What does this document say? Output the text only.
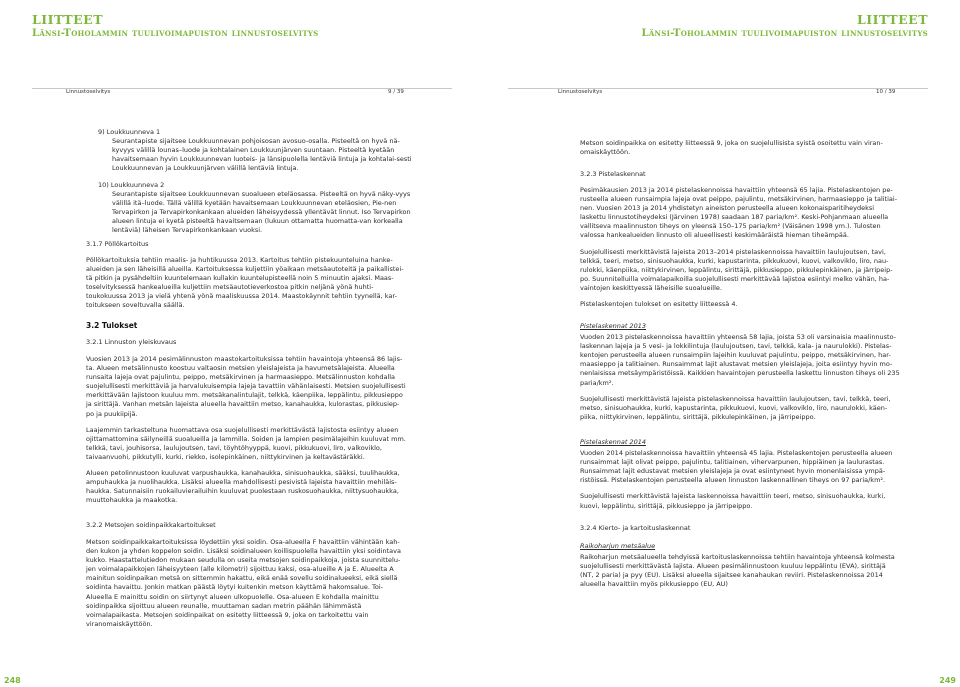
LIITTEET
Länsi-Toholammin tuulivoimapuiston linnustoselvitys
Linnustoselvitys	9 / 39
9) Loukkuunneva 1
Seurantapiste sijaitsee Loukkuunnevan pohjoisosan avosuo-osalla. Pisteeltä on hyvä nä-kyvyys välillä lounas–luode ja kohtalainen Loukkuunjärven suuntaan. Pisteeltä kyetään havaitsemaan hyvin Loukkuunnevan luoteis- ja länsipuolella lentäviä lintuja ja kohtalai-sesti Loukkuunnevan ja Loukkuunjärven välillä lentäviä lintuja.
10) Loukkuunneva 2
Seurantapiste sijaitsee Loukkuunnevan suoalueen eteläosassa. Pisteeltä on hyvä näky-vyys välillä itä–luode. Tällä välillä kyetään havaitsemaan Loukkuunnevan eteläosien, Pie-nen Tervapirkon ja Tervapirkonkankaan alueiden läheisyydessä yllentävät linnut. Iso Tervapirkon alueen lintuja ei kyetä pisteeltä havaitsemaan (lukuun ottamatta huomatta-van korkealla lentäviä) läheisen Tervapirkonkankaan vuoksi.
3.1.7 Pöllökartoitus

Pöllökartoituksia tehtiin maalis- ja huhtikuussa 2013. Kartoitus tehtiin pistekuunteluina hanke-alueiden ja sen läheisillä alueilla. Kartoituksessa kuljettiin yöaikaan metsäautoteitä ja paikallistei-tä pitkin ja pysähdeltiin kuuntelemaan kullakin kuuntelupisteellä noin 5 minuutin ajaksi. Maas-toselvityksessä hankealueilla kuljettiin metsäautotieverkostoa pitkin neljänä yönä huhti-toukokuussa 2013 ja vielä yhtenä yönä maaliskuussa 2014. Maastokäynnit tehtiin tyynellä, kar-toitukseen soveltuvalla säällä.

3.2 Tulokset
3.2.1 Linnuston yleiskuvaus

Vuosien 2013 ja 2014 pesimälinnuston maastokartoituksissa tehtiin havaintoja yhteensä 86 lajis-ta. Alueen metsälinnusto koostuu valtaosin metsien yleislajeista ja havumetsälajeista. Alueella runsaita lajeja ovat pajulintu, peippo, metsäkirvinen ja harmaasieppo. Metsälinnuston kohdalla suojelullisesti merkittäviä ja harvalukuisempia lajeja tavattiin vähänlaisesti. Metsien suojelullisesti merkittävään lajistoon kuuluu mm. metsäkanalintulajit, telkkä, käenpiika, leppälintu, pikkusieppo ja sirittäjä. Vanhan metsän lajeista alueella havaittiin metso, kanahaukka, kulorastas, pikkusiep-po ja puukiipijä.

Laajemmin tarkasteltuna huomattava osa suojelullisesti merkittävästä lajistosta esiintyy alueen ojittamattomina säilyneillä suoalueilla ja lammilla. Soiden ja lampien pesimälajeihin kuuluvat mm. telkkä, tavi, jouhisorsa, laulujoutsen, tavi, töyhtöhyyppä, kuovi, pikkukuovi, liro, valkoviklo, taivaanvuohi, pikkutylli, kurki, riekko, isolepinkäinen, niittykirvinen ja keltavästäräkki.

Alueen petolinnustoon kuuluvat varpushaukka, kanahaukka, sinisuohaukka, sääksi, tuulihaukka, ampuhaukka ja nuolihaukka. Lisäksi alueella mahdollisesti pesivistä lajeista havaittiin mehiläis-haukka. Satunnaisiin ruokailuvierailuihin kuuluvat puolestaan ruskosuohaukka, niittysuohaukka, muuttohaukka ja maakotka.

3.2.2 Metsojen soidinpaikkakartoitukset

Metson soidinpaikkakartoituksissa löydettiin yksi soidin. Osa-alueella F havaittiin vähintään kah-den kukon ja yhden koppelon soidin. Lisäksi soidinalueen koillispuolella havaittiin yksi soidintava kukko. Haastattelutiedon mukaan seudulla on useita metsojen soidinpaikkoja, joista suunnittelu-jen voimalapaikkojen läheisyyteen (alle kilometri) sijoittuu kaksi, osa-alueille A ja E. Alueelta A mainitun soidinpaikan metsä on sittemmin hakattu, eikä enää sovellu soidinalueeksi, eikä siellä soidinta havaittu. Jonkin matkan päästä löytyi kuitenkin metson käyttämä hakomsalue. Toi-Alueella E mainittu soidin on siirtynyt alueen ulkopuolelle. Osa-alueen E kohdalla mainittu soidinpaikka sijoittuu alueen reunalle, muuttaman sadan metrin päähän lähimmästä voimalapaikasta. Metsojen soidinpaikat on esitetty liitteessä 9, joka on tarkoitettu vain viranomaiskäyttöön.

248
LIITTEET
Länsi-Toholammin tuulivoimapuiston linnustoselvitys
Linnustoselvitys	10 / 39

Metson soidinpaikka on esitetty liitteessä 9, joka on suojelullisista syistä osoitettu vain viran-omaiskäyttöön.

3.2.3 Pistelaskennat

Pesimäkausien 2013 ja 2014 pistelaskennoissa havaittiin yhteensä 65 lajia. Pistelaskentojen pe-rusteella alueen runsaimpia lajeja ovat peippo, pajulintu, metsäkirvinen, harmaasieppo ja talitiai-nen. Vuosien 2013 ja 2014 yhdistetyn aineiston perusteella alueen kokonaisparitiheydeksi laskettu linnustotiheydeksi (Järvinen 1978) saadaan 187 paria/km². Keski-Pohjanmaan alueella vallitseva maalinnuston tiheys on yleensä 150–175 paria/km² (Väisänen 1998 ym.). Tulosten valossa hankealueiden linnusto oli alueellisesti keskimääräistä hieman tiheämpää.

Suojelullisesti merkittävistä lajeista 2013–2014 pistelaskennoissa havaittiin laulujoutsen, tavi, telkkä, teeri, metso, sinisuohaukka, kurki, kapustarinta, pikkukuovi, kuovi, valkoviklo, liro, nau-rulokki, käenpiika, niittykirvinen, leppälintu, sirittäjä, pikkusieppo, pikkulepinkäinen, ja järripeip-po. Suunnitelluilla voimalapaikoilla suojelullisesti merkittävää lajistoa esiintyi melko vähän, ha-vaintojen keskittyessä läheisille suoalueille.

Pistelaskentojen tulokset on esitetty liitteessä 4.

Pistelaskennat 2013

Vuoden 2013 pistelaskennoissa havaittiin yhteensä 58 lajia, joista 53 oli varsinaisia maalinnusto-laskennan lajeja ja 5 vesi- ja lokkilintuja (laulujoutsen, tavi, telkkä, kala- ja naurulokki). Pistelas-kentojen perusteella alueen runsaimpiin lajeihin kuuluvat pajulintu, peippo, metsäkirvinen, har-maasieppo ja talitiainen. Runsaimmat lajit alustavat metsien yleislajeja, joita esiintyy hyvin mo-nenlaisissa metsäympäristöissä. Kaikkien havaintojen perusteella laskettu linnuston tiheys oli 235 paria/km².

Suojelullisesti merkittävistä lajeista pistelaskennoissa havaittiin laulujoutsen, tavi, telkkä, teeri, metso, sinisuohaukka, kurki, kapustarinta, pikkukuovi, kuovi, valkoviklo, liro, naurulokki, käen-piika, niittykirvinen, leppälintu, sirittäjä, pikkulepinkäinen, ja järripeippo.

Pistelaskennat 2014

Vuoden 2014 pistelaskennoissa havaittiin yhteensä 45 lajia. Pistelaskentojen perusteella alueen runsaimmat lajit olivat peippo, pajulintu, talitiainen, vihervarpunen, hippiäinen ja laulurastas. Runsaimmat lajit edustavat metsien yleislajeja ja ovat esiintyneet hyvin monenlaisissa ympä-ristöissä. Pistelaskentojen perusteella alueen linnuston laskennallinen tiheys on 97 paria/km².

Suojelullisesti merkittävistä lajeista laskennoissa havaittiin teeri, metso, sinisuohaukka, kurki, kuovi, leppälintu, sirittäjä, pikkusieppo ja järripeippo.

3.2.4 Kierto- ja kartoituslaskennat

Raikoharjun metsäalue

Raikoharjun metsäalueella tehdyissä kartoituslaskennoissa tehtiin havaintoja yhteensä kolmesta suojelullisesti merkittävästä lajista. Alueen pesimälinnustoon kuuluu leppälintu (EVA), sirittäjä (NT, 2 paria) ja pyy (EU). Lisäksi alueella sijaitsee kanahaukan reviiri. Pistelaskennoissa 2014 alueella havaittiin myös pikkusieppo (EU, AU)

249
